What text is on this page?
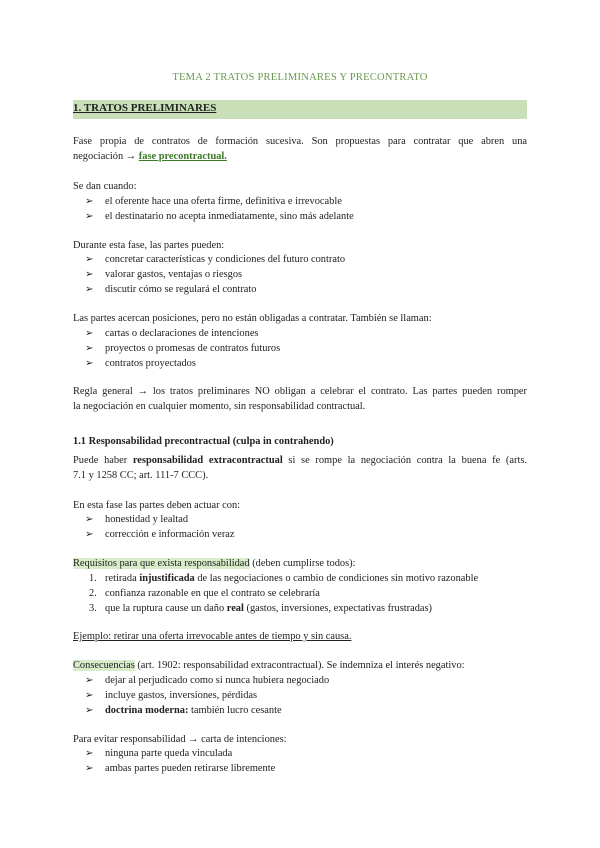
TEMA 2 TRATOS PRELIMINARES Y PRECONTRATO
1. TRATOS PRELIMINARES
Fase propia de contratos de formación sucesiva. Son propuestas para contratar que abren una
negociación → fase precontractual.
Se dan cuando:
➢	el oferente hace una oferta firme, definitiva e irrevocable
➢	el destinatario no acepta inmediatamente, sino más adelante
Durante esta fase, las partes pueden:
➢	concretar características y condiciones del futuro contrato
➢	valorar gastos, ventajas o riesgos
➢	discutir cómo se regulará el contrato
Las partes acercan posiciones, pero no están obligadas a contratar. También se llaman:
➢	cartas o declaraciones de intenciones
➢	proyectos o promesas de contratos futuros
➢	contratos proyectados
Regla general → los tratos preliminares NO obligan a celebrar el contrato. Las partes pueden romper
la negociación en cualquier momento, sin responsabilidad contractual.
1.1 Responsabilidad precontractual (culpa in contrahendo)
Puede haber responsabilidad extracontractual si se rompe la negociación contra la buena fe (arts.
7.1 y 1258 CC; art. 111-7 CCC).
En esta fase las partes deben actuar con:
➢	honestidad y lealtad
➢	corrección e información veraz
Requisitos para que exista responsabilidad (deben cumplirse todos):
1. retirada injustificada de las negociaciones o cambio de condiciones sin motivo razonable
2. confianza razonable en que el contrato se celebraría
3. que la ruptura cause un daño real (gastos, inversiones, expectativas frustradas)
Ejemplo: retirar una oferta irrevocable antes de tiempo y sin causa.
Consecuencias (art. 1902: responsabilidad extracontractual). Se indemniza el interés negativo:
➢	dejar al perjudicado como si nunca hubiera negociado
➢	incluye gastos, inversiones, pérdidas
➢	doctrina moderna: también lucro cesante
Para evitar responsabilidad → carta de intenciones:
➢	ninguna parte queda vinculada
➢	ambas partes pueden retirarse libremente
